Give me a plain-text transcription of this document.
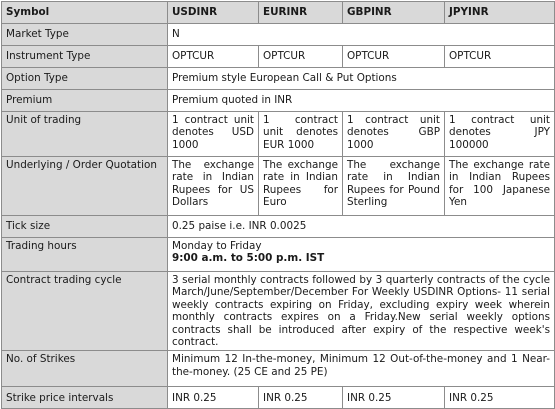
Symbol	USDINR	EURINR	GBPINR	JPYINR
Market Type	N			
Instrument Type	OPTCUR	OPTCUR	OPTCUR	OPTCUR
Option Type	Premium style European Call & Put Options			
Premium	Premium quoted in INR			
Unit of trading	1 contract unit denotes USD 1000	1 contract unit denotes EUR 1000	1 contract unit denotes GBP 1000	1 contract unit denotes JPY 100000
Underlying / Order Quotation	The exchange rate in Indian Rupees for US Dollars	The exchange rate in Indian Rupees for Euro	The exchange rate in Indian Rupees for Pound Sterling	The exchange rate in Indian Rupees for 100 Japanese Yen
Tick size	0.25 paise i.e. INR 0.0025			
Trading hours	Monday to Friday
9:00 a.m. to 5:00 p.m. IST			

Contract trading cycle	3 serial monthly contracts followed by 3 quarterly contracts of the cycle March/June/September/December For Weekly USDINR Options- 11 serial weekly contracts expiring on Friday, excluding expiry week wherein monthly contracts expires on a Friday.New serial weekly options contracts shall be introduced after expiry of the respective week's contract.			
No. of Strikes	Minimum 12 In-the-money, Minimum 12 Out-of-the-money and 1 Near-the-money. (25 CE and 25 PE)			
Strike price intervals	INR 0.25	INR 0.25	INR 0.25	INR 0.25
